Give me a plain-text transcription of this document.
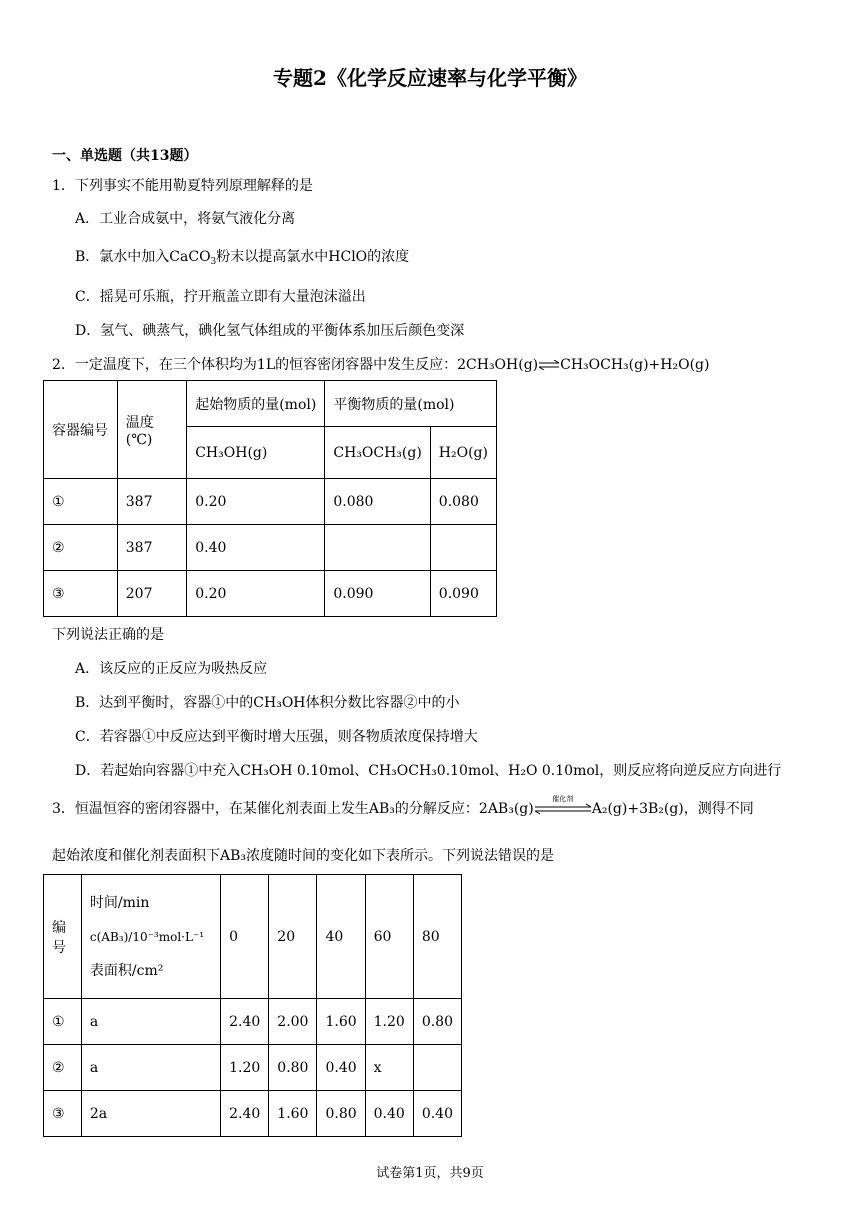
专题2《化学反应速率与化学平衡》
一、单选题（共13题）
1．下列事实不能用勒夏特列原理解释的是
A．工业合成氨中，将氨气液化分离
B．氯水中加入CaCO$_3$粉末以提高氯水中HClO的浓度
C．摇晃可乐瓶，拧开瓶盖立即有大量泡沫溢出
D．氢气、碘蒸气，碘化氢气体组成的平衡体系加压后颜色变深
2．一定温度下，在三个体积均为1L的恒容密闭容器中发生反应：2CH₃OH(g)⇌CH₃OCH₃(g)+H₂O(g)
容器编号	温度(℃)	起始物质的量(mol)	平衡物质的量(mol)	
		CH₃OH(g)	CH₃OCH₃(g)	H₂O(g)
①	387	0.20	0.080	0.080
②	387	0.40		
③	207	0.20	0.090	0.090
下列说法正确的是
A．该反应的正反应为吸热反应
B．达到平衡时，容器①中的CH₃OH体积分数比容器②中的小
C．若容器①中反应达到平衡时增大压强，则各物质浓度保持增大
D．若起始向容器①中充入CH₃OH 0.10mol、CH₃OCH₃0.10mol、H₂O 0.10mol，则反应将向逆反应方向进行
3．恒温恒容的密闭容器中，在某催化剂表面上发生AB₃的分解反应：2AB₃(g)
催化剂
A₂(g)+3B₂(g)，测得不同
起始浓度和催化剂表面积下AB₃浓度随时间的变化如下表所示。下列说法错误的是
编号	时间/min
c(AB₃)/10⁻³mol·L⁻¹
表面积/cm²	0	20	40	60	80
①	a	2.40	2.00	1.60	1.20	0.80
②	a	1.20	0.80	0.40	x	
③	2a	2.40	1.60	0.80	0.40	0.40
试卷第1页，共9页
